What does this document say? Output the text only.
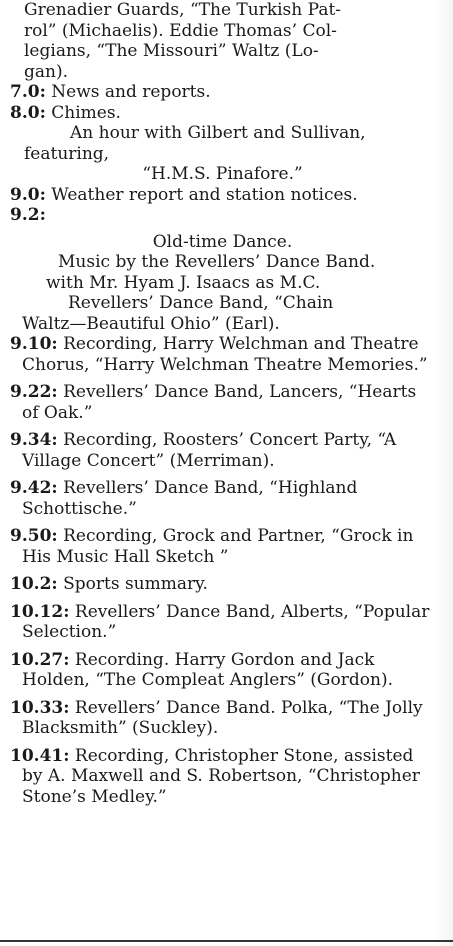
Grenadier Guards, “The Turkish Pat-
rol” (Michaelis). Eddie Thomas’ Col-
legians, “The Missouri” Waltz (Lo-
gan).
7.0: News and reports.
8.0: Chimes.
An hour with Gilbert and Sullivan,
featuring,
“H.M.S. Pinafore.”
9.0: Weather report and station notices.
9.2:
Old-time Dance.
Music by the Revellers’ Dance Band.
with Mr. Hyam J. Isaacs as M.C.
Revellers’ Dance Band, “Chain
Waltz—Beautiful Ohio” (Earl).
9.10: Recording, Harry Welchman and Theatre Chorus, “Harry Welchman Theatre Memories.”
9.22: Revellers’ Dance Band, Lancers, “Hearts of Oak.”
9.34: Recording, Roosters’ Concert Party, “A Village Concert” (Merriman).
9.42: Revellers’ Dance Band, “Highland Schottische.”
9.50: Recording, Grock and Partner, “Grock in His Music Hall Sketch ”
10.2: Sports summary.
10.12: Revellers’ Dance Band, Alberts, “Popular Selection.”
10.27: Recording. Harry Gordon and Jack Holden, “The Compleat Anglers” (Gordon).
10.33: Revellers’ Dance Band. Polka, “The Jolly Blacksmith” (Suckley).
10.41: Recording, Christopher Stone, assisted by A. Maxwell and S. Robertson, “Christopher Stone’s Medley.”
